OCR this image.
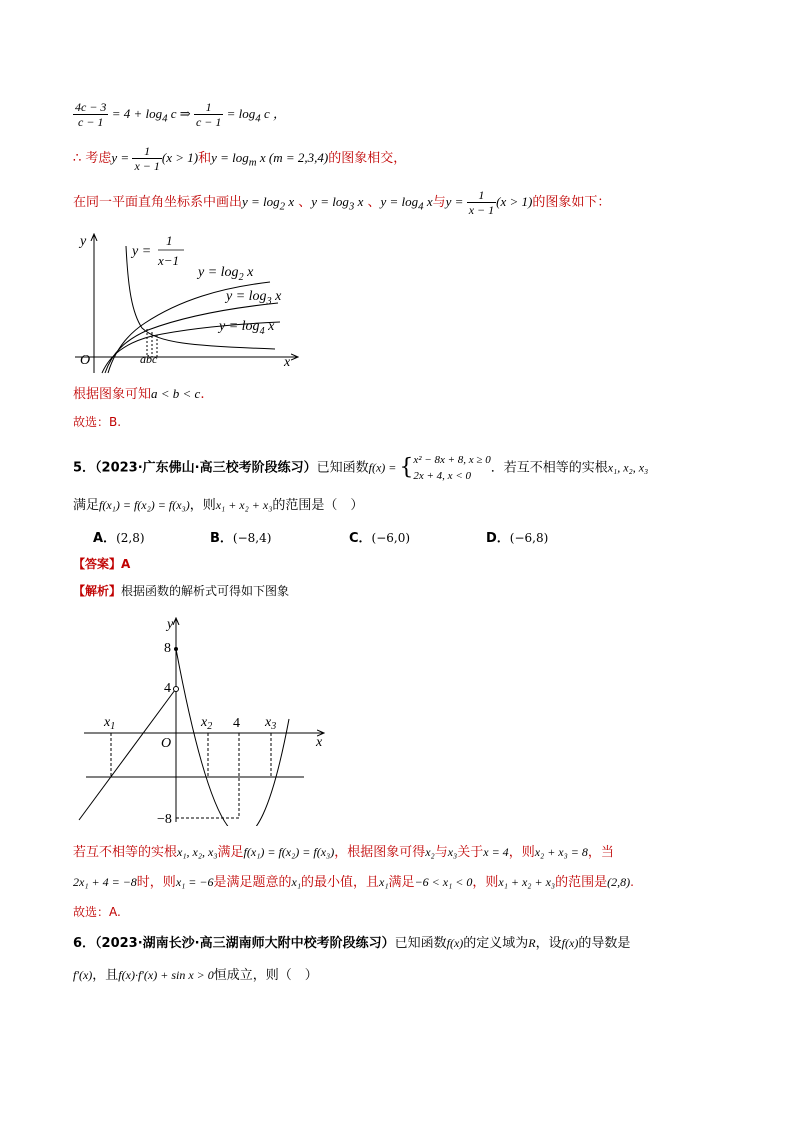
$\frac{4c - 3}{c - 1} = 4 + \log_4 c$ ⇒ $\frac{1}{c - 1} = \log_4 c$ ，
∴ 考虑$y = \frac{1}{x - 1} (x > 1)$和$y = \log_m x$ (m = 2,3,4)的图象相交，
在同一平面直角坐标系中画出$y = \log_2 x$ 、$y = \log_3 x$ 、$y = \log_4 x$与$y = \frac{1}{x - 1} (x > 1)$的图象如下：
y
x
O	abc
y =
1
x−1
$y = \log_2 x$
$y = \log_3 x$
$y = \log_4 x$
根据图象可知a < b < c.
故选：B.
5．（2023·广东佛山·高三校考阶段练习）已知函数f(x) = { x² − 8x + 8, x ≥ 0
2x + 4, x < 0
．若互不相等的实根x₁, x₂, x₃
满足f(x₁) = f(x₂) = f(x₃)，则x₁ + x₂ + x₃的范围是（　）
A．(2,8)	B．(−8,4)	C．(−6,0)	D．(−6,8)
【答案】A
【解析】根据函数的解析式可得如下图象
y
x
O
8
4
−8
4
$x_1$	$x_2$	$x_3$
若互不相等的实根x₁, x₂, x₃满足f(x₁) = f(x₂) = f(x₃)，根据图象可得x₂与x₃关于x = 4，则x₂ + x₃ = 8，当
2x₁ + 4 = −8时，则x₁ = −6是满足题意的x₁的最小值，且x₁满足−6 < x₁ < 0，则x₁ + x₂ + x₃的范围是(2,8).
故选：A.
6．（2023·湖南长沙·高三湖南师大附中校考阶段练习）已知函数f(x)的定义域为R，设f(x)的导数是
f′(x)，且f(x)·f′(x) + sin x > 0恒成立，则（　）
